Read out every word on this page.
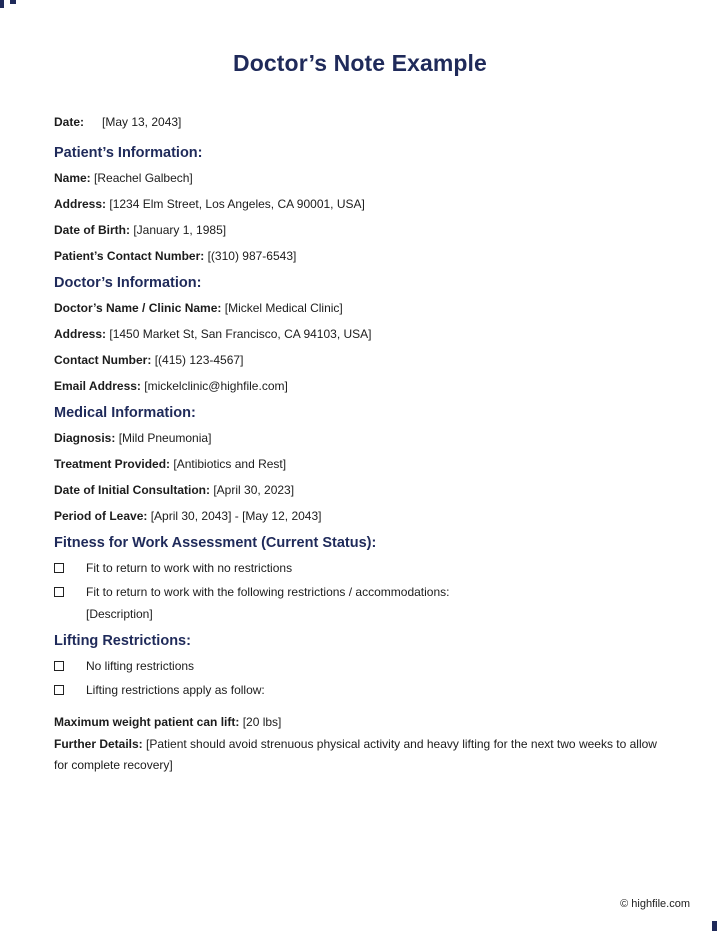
Doctor’s Note Example
Date: [May 13, 2043]
Patient’s Information:
Name: [Reachel Galbech]
Address: [1234 Elm Street, Los Angeles, CA 90001, USA]
Date of Birth: [January 1, 1985]
Patient’s Contact Number: [(310) 987-6543]
Doctor’s Information:
Doctor’s Name / Clinic Name: [Mickel Medical Clinic]
Address: [1450 Market St, San Francisco, CA 94103, USA]
Contact Number: [(415) 123-4567]
Email Address: [mickelclinic@highfile.com]
Medical Information:
Diagnosis: [Mild Pneumonia]
Treatment Provided: [Antibiotics and Rest]
Date of Initial Consultation: [April 30, 2023]
Period of Leave: [April 30, 2043] - [May 12, 2043]
Fitness for Work Assessment (Current Status):
Fit to return to work with no restrictions
Fit to return to work with the following restrictions / accommodations:
[Description]
Lifting Restrictions:
No lifting restrictions
Lifting restrictions apply as follow:
Maximum weight patient can lift: [20 lbs]
Further Details: [Patient should avoid strenuous physical activity and heavy lifting for the next two weeks to allow for complete recovery]
© highfile.com
